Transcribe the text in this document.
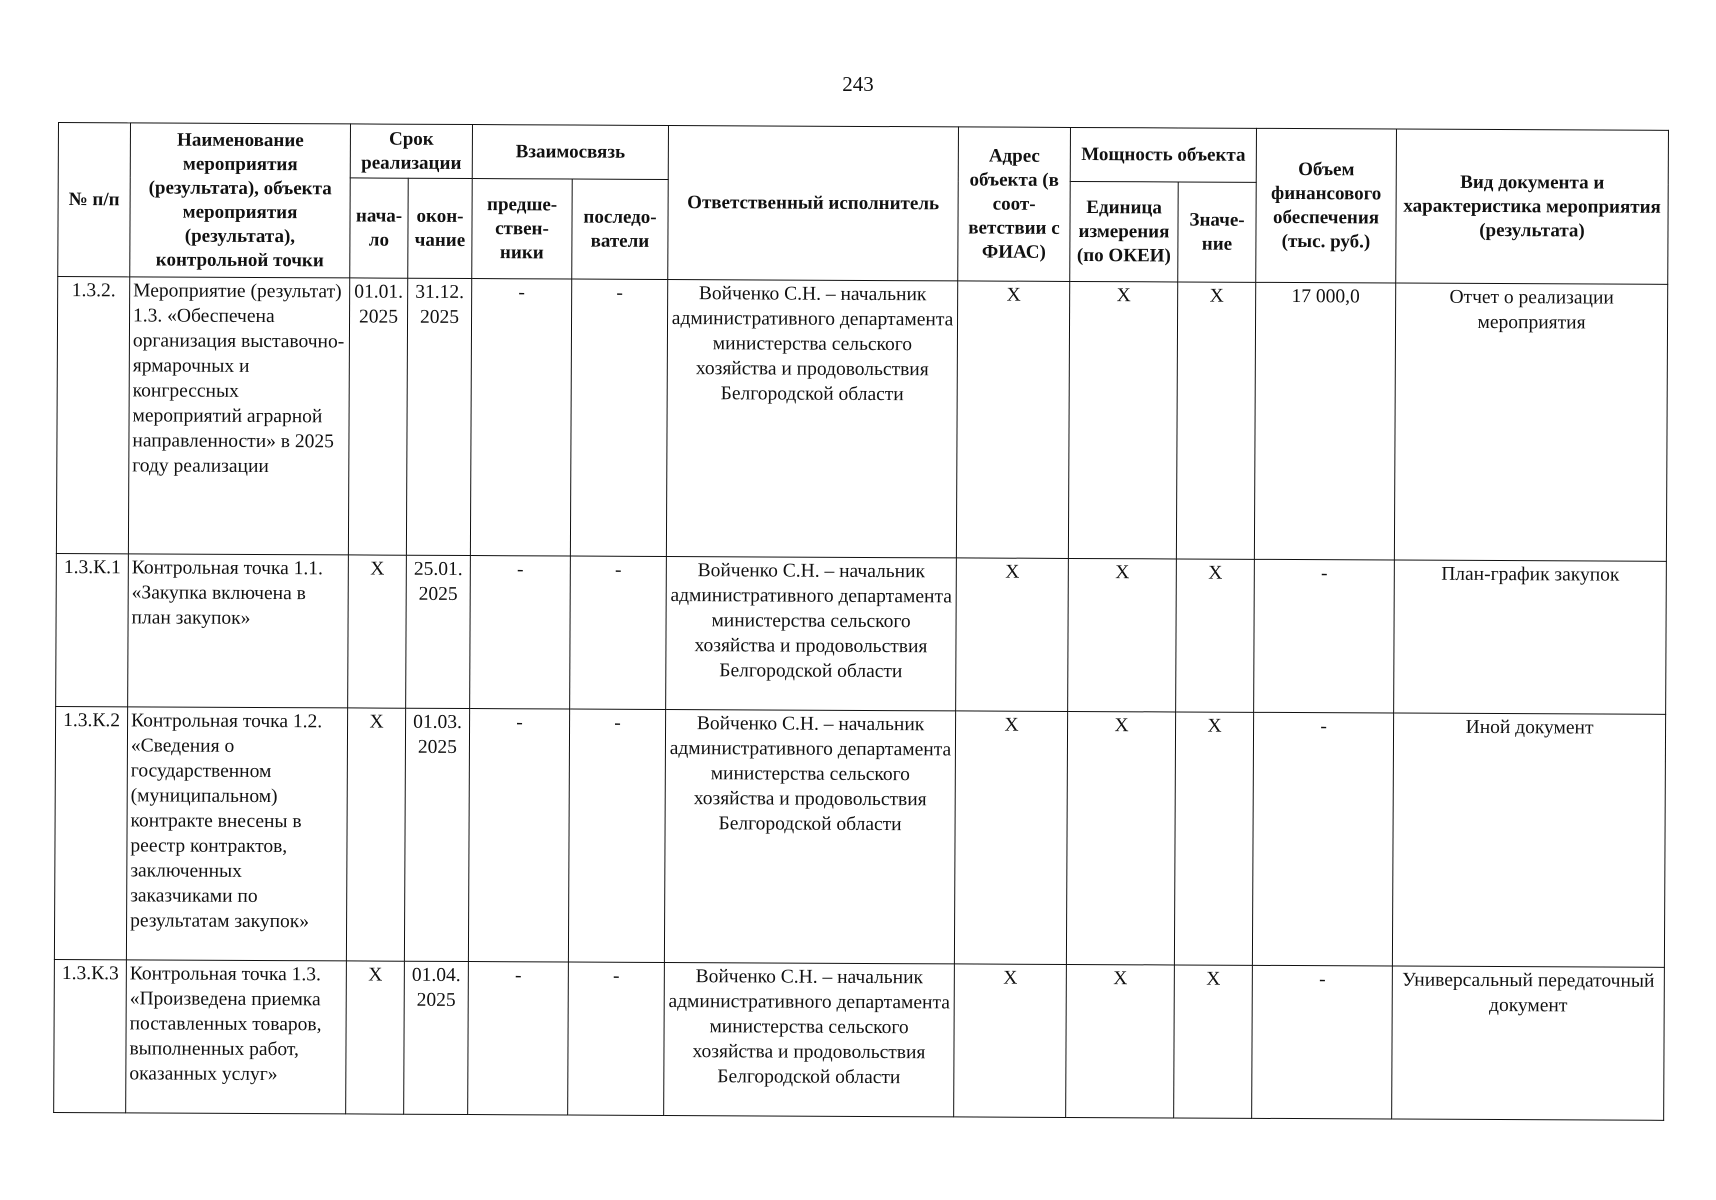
243
№ п/п	Наименование мероприятия (результата), объекта мероприятия (результата), контрольной точки	Срок реализации		Взаимосвязь		Ответственный исполнитель	Адрес объекта (в соот-ветствии с ФИАС)	Мощность объекта		Объем финансового обеспечения (тыс. руб.)	Вид документа и характеристика мероприятия (результата)
		нача-ло	окон-чание	предше-ствен-ники	последо-ватели			Единица измерения (по ОКЕИ)	Значе-ние		
1.3.2.	Мероприятие (результат) 1.3. «Обеспечена организация выставочно-ярмарочных и конгрессных мероприятий аграрной направленности» в 2025 году реализации	01.01. 2025	31.12. 2025	-	-	Войченко С.Н. – начальник административного департамента министерства сельского хозяйства и продовольствия Белгородской области	X	X	X	17 000,0	Отчет о реализации мероприятия
1.3.К.1	Контрольная точка 1.1. «Закупка включена в план закупок»	X	25.01. 2025	-	-	Войченко С.Н. – начальник административного департамента министерства сельского хозяйства и продовольствия Белгородской области	X	X	X	-	План-график закупок
1.3.К.2	Контрольная точка 1.2. «Сведения о государственном (муниципальном) контракте внесены в реестр контрактов, заключенных заказчиками по результатам закупок»	X	01.03. 2025	-	-	Войченко С.Н. – начальник административного департамента министерства сельского хозяйства и продовольствия Белгородской области	X	X	X	-	Иной документ
1.3.К.3	Контрольная точка 1.3. «Произведена приемка поставленных товаров, выполненных работ, оказанных услуг»	X	01.04. 2025	-	-	Войченко С.Н. – начальник административного департамента министерства сельского хозяйства и продовольствия Белгородской области	X	X	X	-	Универсальный передаточный документ
